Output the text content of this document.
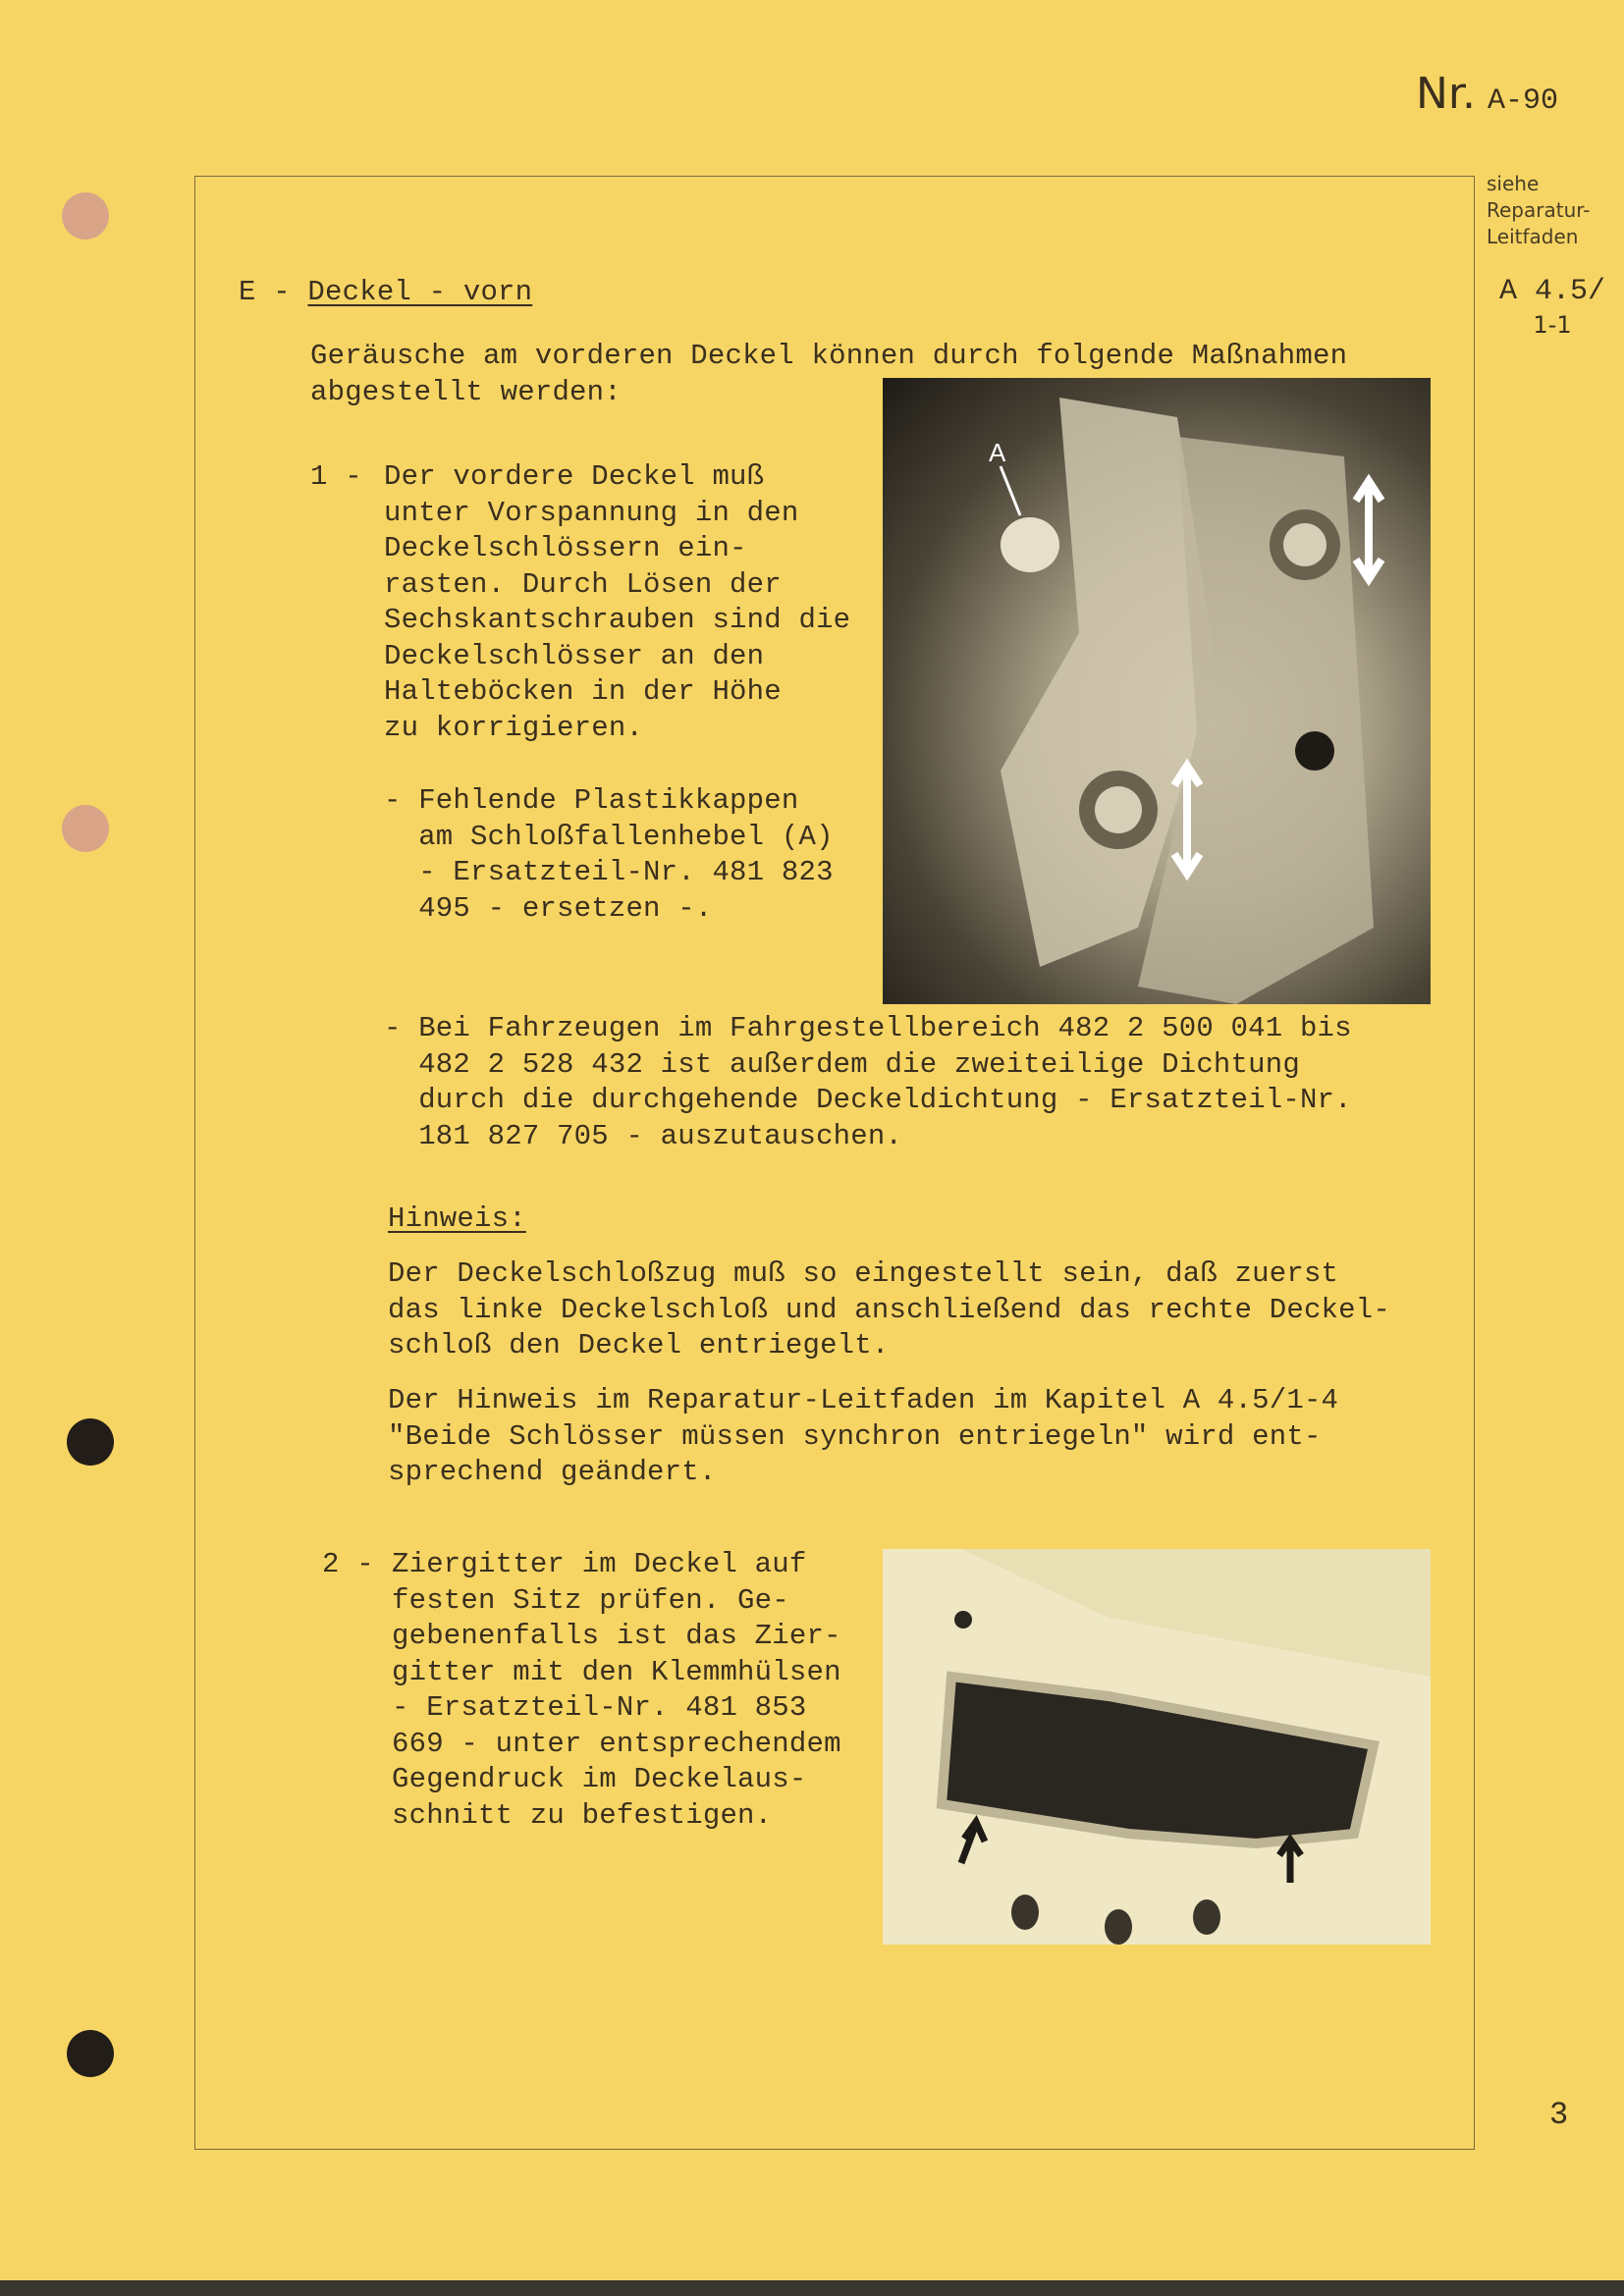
Nr. A-90
siehe
Reparatur-
Leitfaden
A 4.5/
1-1
E - Deckel - vorn
Geräusche am vorderen Deckel können durch folgende Maßnahmen
abgestellt werden:
1 - Der vordere Deckel muß
unter Vorspannung in den
Deckelschlössern ein-
rasten. Durch Lösen der
Sechskantschrauben sind die
Deckelschlösser an den
Halteböcken in der Höhe
zu korrigieren.
- Fehlende Plastikkappen
am Schloßfallenhebel (A)
- Ersatzteil-Nr. 481 823
495 - ersetzen -.
A
- Bei Fahrzeugen im Fahrgestellbereich 482 2 500 041 bis
482 2 528 432 ist außerdem die zweiteilige Dichtung
durch die durchgehende Deckeldichtung - Ersatzteil-Nr.
181 827 705 - auszutauschen.
Hinweis:
Der Deckelschloßzug muß so eingestellt sein, daß zuerst
das linke Deckelschloß und anschließend das rechte Deckel-
schloß den Deckel entriegelt.
Der Hinweis im Reparatur-Leitfaden im Kapitel A 4.5/1-4
"Beide Schlösser müssen synchron entriegeln" wird ent-
sprechend geändert.
2 - Ziergitter im Deckel auf
festen Sitz prüfen. Ge-
gebenenfalls ist das Zier-
gitter mit den Klemmhülsen
- Ersatzteil-Nr. 481 853
669 - unter entsprechendem
Gegendruck im Deckelaus-
schnitt zu befestigen.
3
